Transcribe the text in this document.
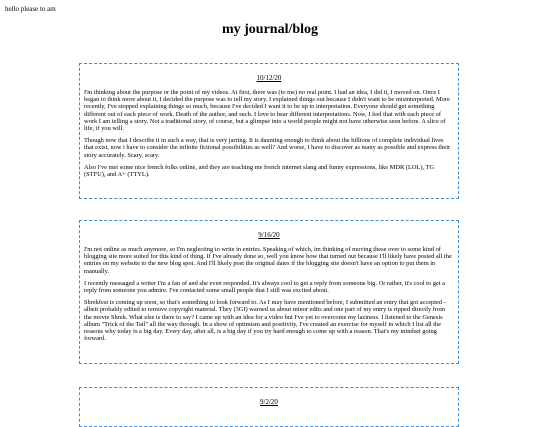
hello please to am
my journal/blog
10/12/20

I'm thinking about the purpose or the point of my videos. At first, there was (to me) no real point. I had an idea, I did it, I moved on. Once I began to think more about it, I decided the purpose was to tell my story. I explained things out because I didn't want to be misinterpreted. More recently, I've stopped explaining things so much, because I've decided I want it to be up to interpretation. Everyone should get something different out of each piece of work. Death of the author, and such. I love to hear different interpretations. Now, I feel that with each piece of work I am telling a story. Not a traditional story, of course, but a glimpse into a world people might not have otherwise seen before. A slice of life, if you will.

Though now that I describe it in such a way, that is very jarring. It is daunting enough to think about the billions of complete individual lives that exist, now i have to consider the infinite fictional possibilities as well? And worse, I have to discover as many as possible and express their story accurately. Scary, scary.

Also I've met some nice french folks online, and they are teaching me french internet slang and funny expressions, like MDR (LOL), TG (STFU), and A+ (TTYL).

9/16/20

I'm not online as much anymore, so I'm neglecting to write in entries. Speaking of which, im thinking of moving these over to some kind of blogging site more suited for this kind of thing. If I've already done so, well you know how that turned out because I'll likely have posted all the entries on my website to the new blog spot. And I'll likely post the original dates if the blogging site doesn't have an option to put them in manually.

I recently messaged a writer I'm a fan of and she even responded. It's always cool to get a reply from someone big. Or rather, it's cool to get a reply from someone you admire. I've contacted some small people that I still was excited about.

Shrekfest is coming up soon, so that's something to look forward to. As I may have mentioned before, I submitted an entry that got accepted - albeit probably edited to remove copyright material. They (3GI) warned us about minor edits and one part of my entry is ripped directly from the movie Shrek. What else is there to say? I came up with an idea for a video but I've yet to overcome my laziness. I listened to the Genesis album "Trick of the Tail" all the way through. In a show of optimism and positivity, I've created an exercise for myself in which I list all the reasons why today is a big day. Every day, after all, is a big day if you try hard enough to come up with a reason. That's my mindset going forward.

9/2/20
